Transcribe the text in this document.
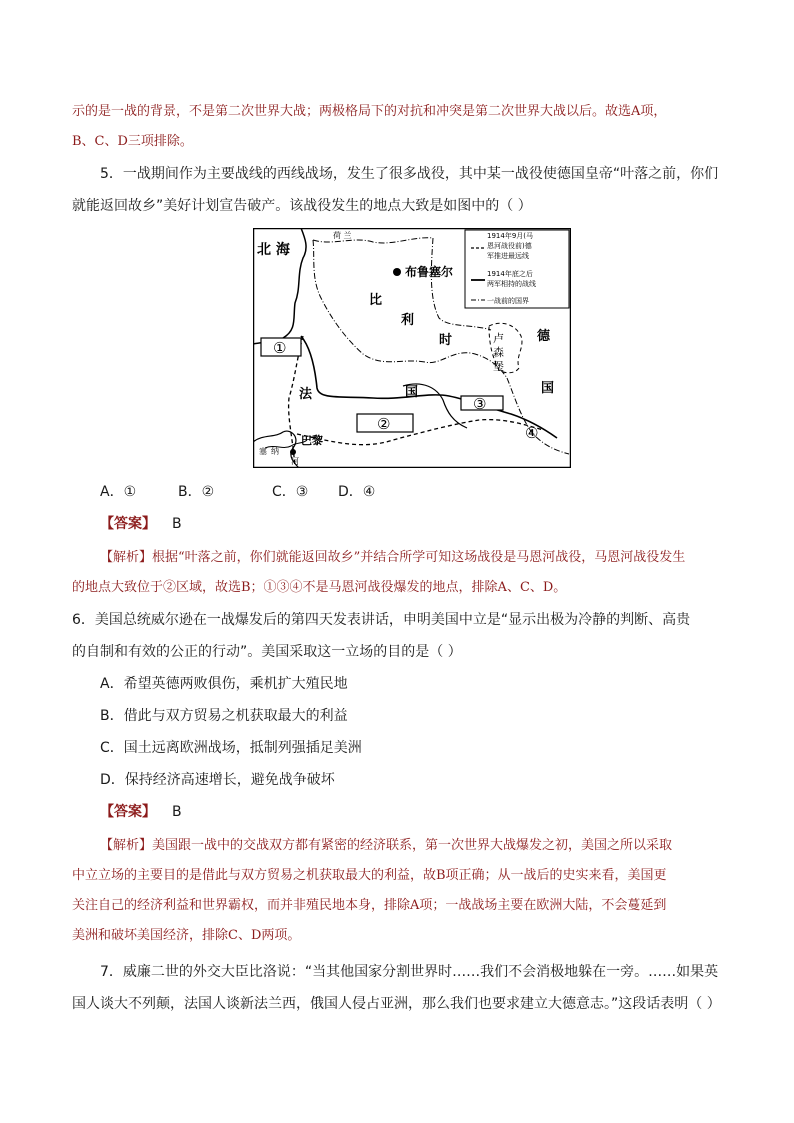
示的是一战的背景，不是第二次世界大战；两极格局下的对抗和冲突是第二次世界大战以后。故选A项，
B、C、D三项排除。
5．一战期间作为主要战线的西线战场，发生了很多战役，其中某一战役使德国皇帝“叶落之前，你们
就能返回故乡”美好计划宣告破产。该战役发生的地点大致是如图中的（ ）
1914年9月(马
恩河战役前)德
军推进最远线
1914年底之后
两军相持的战线
一战前的国界
北 海
荷 兰
布鲁塞尔
比
利
时	卢
森
堡
德
国
法	国
巴黎
塞 纳
河
①
②
③
④
A．①	B．②	C．③ D．④
【答案】 B
【解析】根据“叶落之前，你们就能返回故乡”并结合所学可知这场战役是马恩河战役，马恩河战役发生
的地点大致位于②区域，故选B；①③④不是马恩河战役爆发的地点，排除A、C、D。
6．美国总统威尔逊在一战爆发后的第四天发表讲话，申明美国中立是“显示出极为冷静的判断、高贵
的自制和有效的公正的行动”。美国采取这一立场的目的是（ ）
A．希望英德两败俱伤，乘机扩大殖民地
B．借此与双方贸易之机获取最大的利益
C．国土远离欧洲战场，抵制列强插足美洲
D．保持经济高速增长，避免战争破坏
【答案】 B
【解析】美国跟一战中的交战双方都有紧密的经济联系，第一次世界大战爆发之初，美国之所以采取
中立立场的主要目的是借此与双方贸易之机获取最大的利益，故B项正确；从一战后的史实来看，美国更
关注自己的经济利益和世界霸权，而并非殖民地本身，排除A项；一战战场主要在欧洲大陆，不会蔓延到
美洲和破坏美国经济，排除C、D两项。
7．威廉二世的外交大臣比洛说：“当其他国家分割世界时……我们不会消极地躲在一旁。……如果英
国人谈大不列颠，法国人谈新法兰西，俄国人侵占亚洲，那么我们也要求建立大德意志。”这段话表明（ ）
